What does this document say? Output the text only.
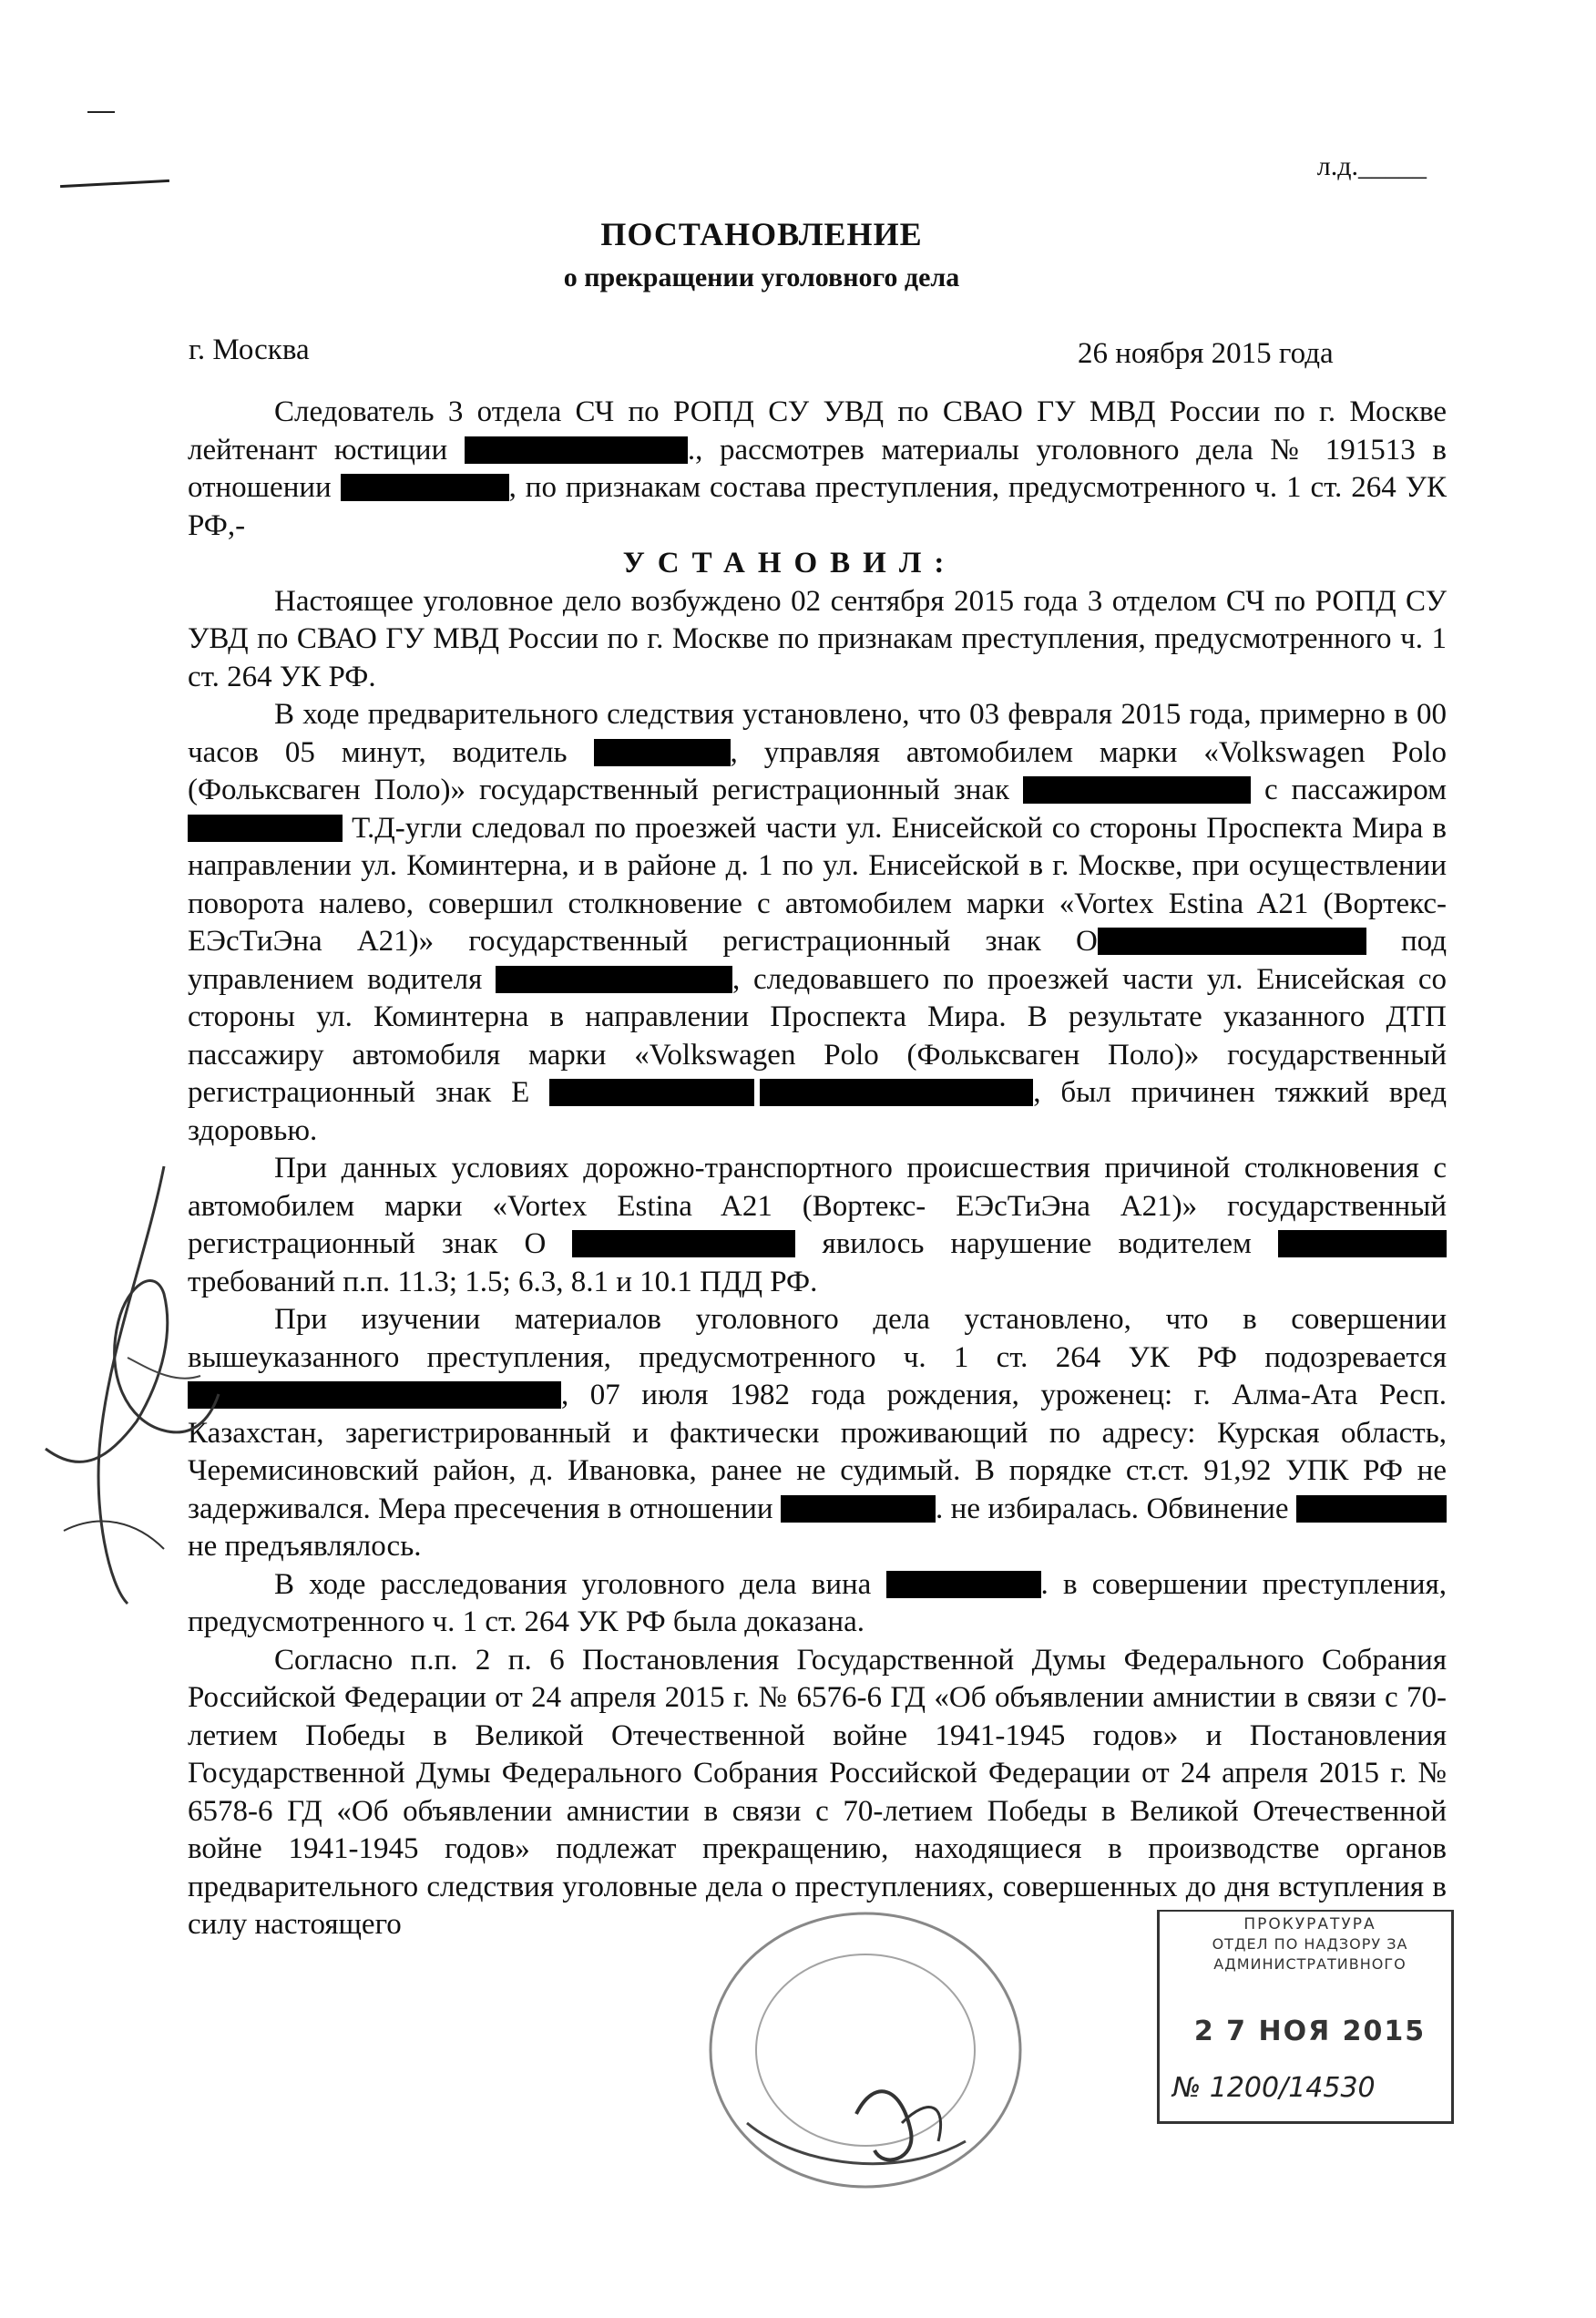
л.д._____
ПОСТАНОВЛЕНИЕ
о прекращении уголовного дела
г. Москва	26 ноября 2015 года

Следователь 3 отдела СЧ по РОПД СУ УВД по СВАО ГУ МВД России по г. Москве лейтенант юстиции	., рассмотрев материалы уголовного дела № 191513 в отношении	, по признакам состава преступления, предусмотренного ч. 1 ст. 264 УК РФ,-

УСТАНОВИЛ:

Настоящее уголовное дело возбуждено 02 сентября 2015 года 3 отделом СЧ по РОПД СУ УВД по СВАО ГУ МВД России по г. Москве по признакам преступления, предусмотренного ч. 1 ст. 264 УК РФ.

В ходе предварительного следствия установлено, что 03 февраля 2015 года, примерно в 00 часов 05 минут, водитель	, управляя автомобилем марки «Volkswagen Polo (Фольксваген Поло)» государственный регистрационный знак	с пассажиром  Т.Д-угли следовал по проезжей части ул. Енисейской со стороны Проспекта Мира в направлении ул. Коминтерна, и в районе д. 1 по ул. Енисейской в г. Москве, при осуществлении поворота налево, совершил столкновение с автомобилем марки «Vortex Estina A21 (Вортекс-ЕЭсТиЭна А21)» государственный регистрационный знак О	под управлением водителя	, следовавшего по проезжей части ул. Енисейская со стороны ул. Коминтерна в направлении Проспекта Мира. В результате указанного ДТП пассажиру автомобиля марки «Volkswagen Polo (Фольксваген Поло)» государственный регистрационный знак Е	, был причинен тяжкий вред здоровью.

При данных условиях дорожно-транспортного происшествия причиной столкновения с автомобилем марки «Vortex Estina A21 (Вортекс- ЕЭсТиЭна А21)» государственный регистрационный знак О	явилось нарушение водителем  требований п.п. 11.3; 1.5; 6.3, 8.1 и 10.1 ПДД РФ.

При изучении материалов уголовного дела установлено, что в совершении вышеуказанного преступления, предусмотренного ч. 1 ст. 264 УК РФ подозревается , 07 июля 1982 года рождения, уроженец: г. Алма-Ата Респ. Казахстан, зарегистрированный и фактически проживающий по адресу: Курская область, Черемисиновский район, д. Ивановка, ранее не судимый. В порядке ст.ст. 91,92 УПК РФ не задерживался. Мера пресечения в отношении	. не избиралась. Обвинение  не предъявлялось.

В ходе расследования уголовного дела вина	. в совершении преступления, предусмотренного ч. 1 ст. 264 УК РФ была доказана.

Согласно п.п. 2 п. 6 Постановления Государственной Думы Федерального Собрания Российской Федерации от 24 апреля 2015 г. № 6576-6 ГД «Об объявлении амнистии в связи с 70-летием Победы в Великой Отечественной войне 1941-1945 годов» и Постановления Государственной Думы Федерального Собрания Российской Федерации от 24 апреля 2015 г. № 6578-6 ГД «Об объявлении амнистии в связи с 70-летием Победы в Великой Отечественной войне 1941-1945 годов» подлежат прекращению, находящиеся в производстве органов предварительного следствия уголовные дела о преступлениях, совершенных до дня вступления в силу настоящего	ПРОКУРАТУРА
ОТДЕЛ ПО НАДЗОРУ ЗА
АДМИНИСТРАТИВНОГО
2 7 НОЯ 2015
№ 1200/14530
